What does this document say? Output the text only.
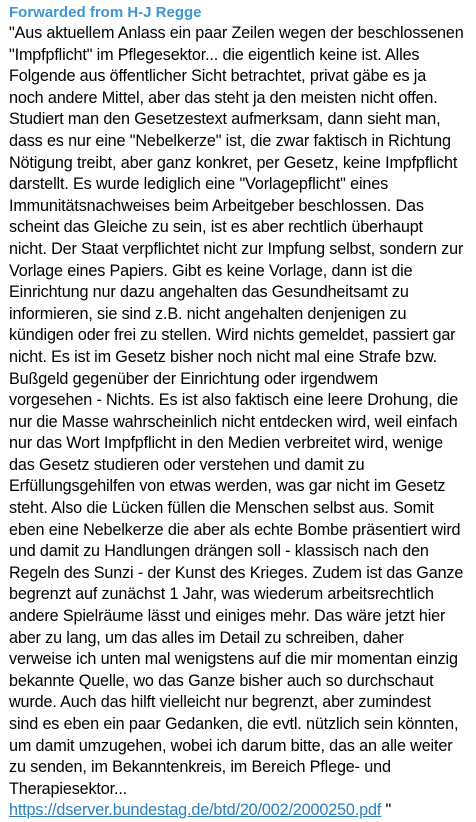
Forwarded from H-J Regge

"Aus aktuellem Anlass ein paar Zeilen wegen der beschlossenen "Impfpflicht" im Pflegesektor... die eigentlich keine ist. Alles Folgende aus öffentlicher Sicht betrachtet, privat gäbe es ja noch andere Mittel, aber das steht ja den meisten nicht offen. Studiert man den Gesetzestext aufmerksam, dann sieht man, dass es nur eine "Nebelkerze" ist, die zwar faktisch in Richtung Nötigung treibt, aber ganz konkret, per Gesetz, keine Impfpflicht darstellt. Es wurde lediglich eine "Vorlagepflicht" eines Immunitätsnachweises beim Arbeitgeber beschlossen. Das scheint das Gleiche zu sein, ist es aber rechtlich überhaupt nicht. Der Staat verpflichtet nicht zur Impfung selbst, sondern zur Vorlage eines Papiers. Gibt es keine Vorlage, dann ist die Einrichtung nur dazu angehalten das Gesundheitsamt zu informieren, sie sind z.B. nicht angehalten denjenigen zu kündigen oder frei zu stellen. Wird nichts gemeldet, passiert gar nicht. Es ist im Gesetz bisher noch nicht mal eine Strafe bzw. Bußgeld gegenüber der Einrichtung oder irgendwem vorgesehen - Nichts. Es ist also faktisch eine leere Drohung, die nur die Masse wahrscheinlich nicht entdecken wird, weil einfach nur das Wort Impfpflicht in den Medien verbreitet wird, wenige das Gesetz studieren oder verstehen und damit zu Erfüllungsgehilfen von etwas werden, was gar nicht im Gesetz steht. Also die Lücken füllen die Menschen selbst aus. Somit eben eine Nebelkerze die aber als echte Bombe präsentiert wird und damit zu Handlungen drängen soll - klassisch nach den Regeln des Sunzi - der Kunst des Krieges. Zudem ist das Ganze begrenzt auf zunächst 1 Jahr, was wiederum arbeitsrechtlich andere Spielräume lässt und einiges mehr. Das wäre jetzt hier aber zu lang, um das alles im Detail zu schreiben, daher verweise ich unten mal wenigstens auf die mir momentan einzig bekannte Quelle, wo das Ganze bisher auch so durchschaut wurde. Auch das hilft vielleicht nur begrenzt, aber zumindest sind es eben ein paar Gedanken, die evtl. nützlich sein könnten, um damit umzugehen, wobei ich darum bitte, das an alle weiter zu senden, im Bekanntenkreis, im Bereich Pflege- und Therapiesektor...
https://dserver.bundestag.de/btd/20/002/2000250.pdf "
